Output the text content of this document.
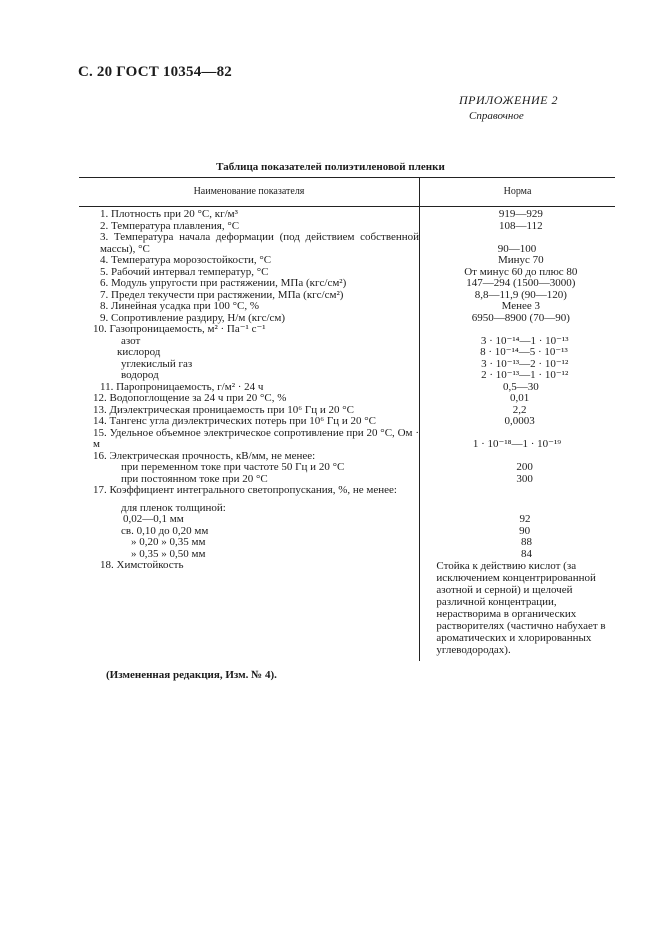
С. 20 ГОСТ 10354—82
ПРИЛОЖЕНИЕ 2
Справочное
Таблица показателей полиэтиленовой пленки
Наименование показателя	Норма
1. Плотность при 20 °С, кг/м³	919—929
2. Температура плавления, °С	108—112
3. Температура начала деформации (под действием собственной массы), °С	90—100
4. Температура морозостойкости, °С	Минус 70
5. Рабочий интервал температур, °С	От минус 60 до плюс 80
6. Модуль упругости при растяжении, МПа (кгс/см²)	147—294 (1500—3000)
7. Предел текучести при растяжении, МПа (кгс/см²)	8,8—11,9 (90—120)
8. Линейная усадка при 100 °С, %	Менее 3
9. Сопротивление раздиру, Н/м (кгс/см)	6950—8900 (70—90)
10. Газопроницаемость, м² · Па⁻¹ с⁻¹
азот	3 · 10⁻¹⁴—1 · 10⁻¹³
кислород	8 · 10⁻¹⁴—5 · 10⁻¹³
углекислый газ	3 · 10⁻¹³—2 · 10⁻¹²
водород	2 · 10⁻¹³—1 · 10⁻¹²
11. Паропроницаемость, г/м² · 24 ч	0,5—30
12. Водопоглощение за 24 ч при 20 °С, %	0,01
13. Диэлектрическая проницаемость при 10⁶ Гц и 20 °С	2,2
14. Тангенс угла диэлектрических потерь при 10⁶ Гц и 20 °С	0,0003
15. Удельное объемное электрическое сопротивление при 20 °С, Ом · м	1 · 10⁻¹⁸—1 · 10⁻¹⁹
16. Электрическая прочность, кВ/мм, не менее:
при переменном токе при частоте 50 Гц и 20 °С	200
при постоянном токе при 20 °С	300
17. Коэффициент интегрального светопропускания, %, не менее:
для пленок толщиной:
0,02—0,1 мм	92
св. 0,10 до 0,20 мм	90
» 0,20 » 0,35 мм	88
» 0,35 » 0,50 мм	84
18. Химстойкость	Стойка к действию кислот (за исключением концентрированной азотной и серной) и щелочей различной концентрации, нерастворима в органических растворителях (частично набухает в ароматических и хлорированных углеводородах).
(Измененная редакция, Изм. № 4).
